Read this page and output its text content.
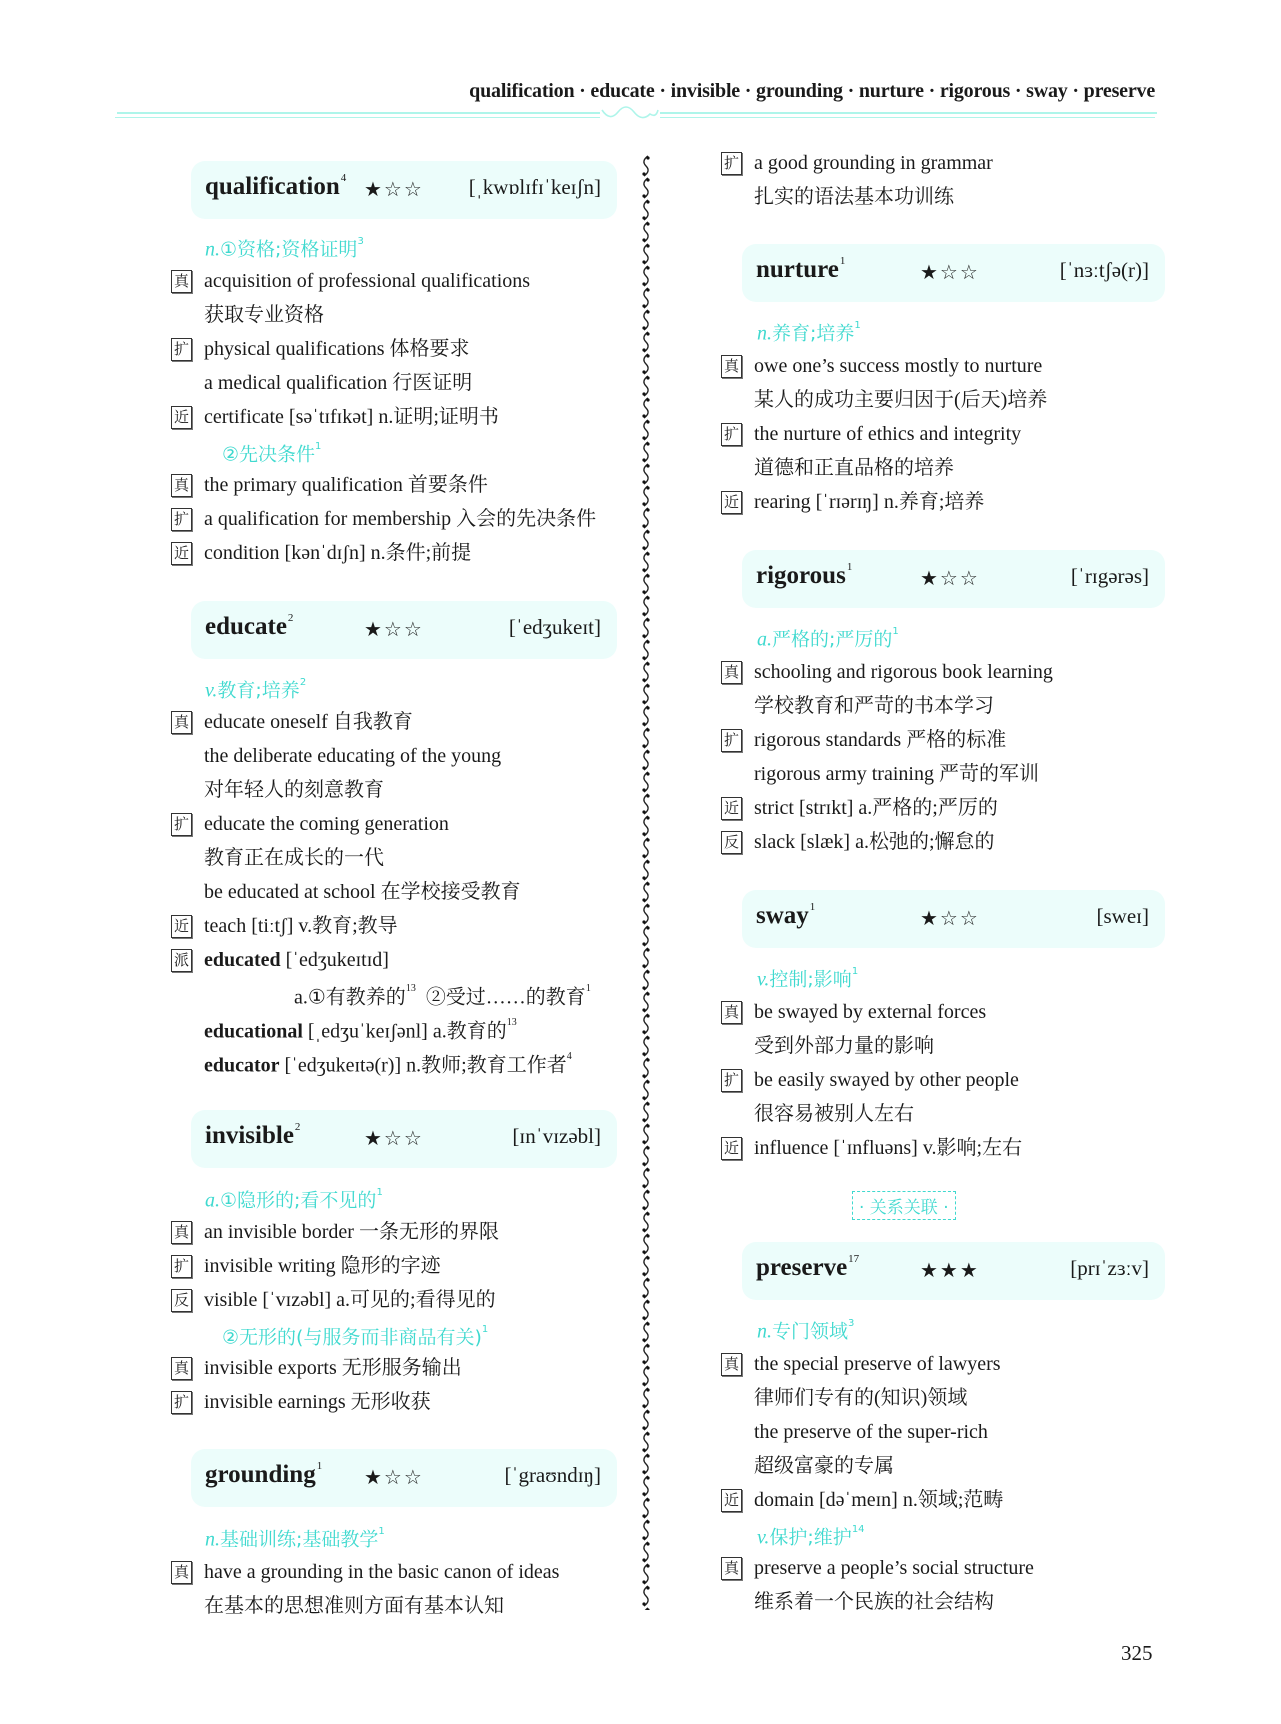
qualification · educate · invisible · grounding · nurture · rigorous · sway · preserve
qualification$^4$
★☆☆ [ˌkwɒlɪfɪˈkeɪʃn]
n.①资格;资格证明$^3$
真 acquisition of professional qualifications
获取专业资格
扩 physical qualifications 体格要求
a medical qualification 行医证明
近 certificate [səˈtɪfɪkət] n.证明;证明书
②先决条件$^1$
真 the primary qualification 首要条件
扩 a qualification for membership 入会的先决条件
近 condition [kənˈdɪʃn] n.条件;前提
educate$^2$
★☆☆	[ˈedʒukeɪt]
v.教育;培养$^2$
真 educate oneself 自我教育
the deliberate educating of the young
对年轻人的刻意教育
扩 educate the coming generation
教育正在成长的一代
be educated at school 在学校接受教育
近 teach [tiːtʃ] v.教育;教导
派 educated [ˈedʒukeɪtɪd]
a.①有教养的$^{13}$ ②受过……的教育$^1$
educational [ˌedʒuˈkeɪʃənl] a.教育的$^{13}$
educator [ˈedʒukeɪtə(r)] n.教师;教育工作者$^4$
invisible$^2$
★☆☆	[ɪnˈvɪzəbl]
a.①隐形的;看不见的$^1$
真 an invisible border 一条无形的界限
扩 invisible writing 隐形的字迹
反 visible [ˈvɪzəbl] a.可见的;看得见的
②无形的(与服务而非商品有关)$^1$
真 invisible exports 无形服务输出
扩 invisible earnings 无形收获
grounding$^1$
★☆☆	[ˈgraʊndɪŋ]
n.基础训练;基础教学$^1$
真 have a grounding in the basic canon of ideas
在基本的思想准则方面有基本认知
扩 a good grounding in grammar
扎实的语法基本功训练
nurture$^1$
★☆☆	[ˈnɜːtʃə(r)]
n.养育;培养$^1$
真 owe one’s success mostly to nurture
某人的成功主要归因于(后天)培养
扩 the nurture of ethics and integrity
道德和正直品格的培养
近 rearing [ˈrɪərɪŋ] n.养育;培养
rigorous$^1$
★☆☆	[ˈrɪgərəs]
a.严格的;严厉的$^1$
真 schooling and rigorous book learning
学校教育和严苛的书本学习
扩 rigorous standards 严格的标准
rigorous army training 严苛的军训
近 strict [strɪkt] a.严格的;严厉的
反 slack [slæk] a.松弛的;懈怠的
sway$^1$
★☆☆	[sweɪ]
v.控制;影响$^1$
真 be swayed by external forces
受到外部力量的影响
扩 be easily swayed by other people
很容易被别人左右
近 influence [ˈɪnfluəns] v.影响;左右
· 关系关联 ·
preserve$^{17}$
★★★	[prɪˈzɜːv]
n.专门领域$^3$
真 the special preserve of lawyers
律师们专有的(知识)领域
the preserve of the super-rich
超级富豪的专属
近 domain [dəˈmeɪn] n.领域;范畴
v.保护;维护$^{14}$
真 preserve a people’s social structure
维系着一个民族的社会结构
325
